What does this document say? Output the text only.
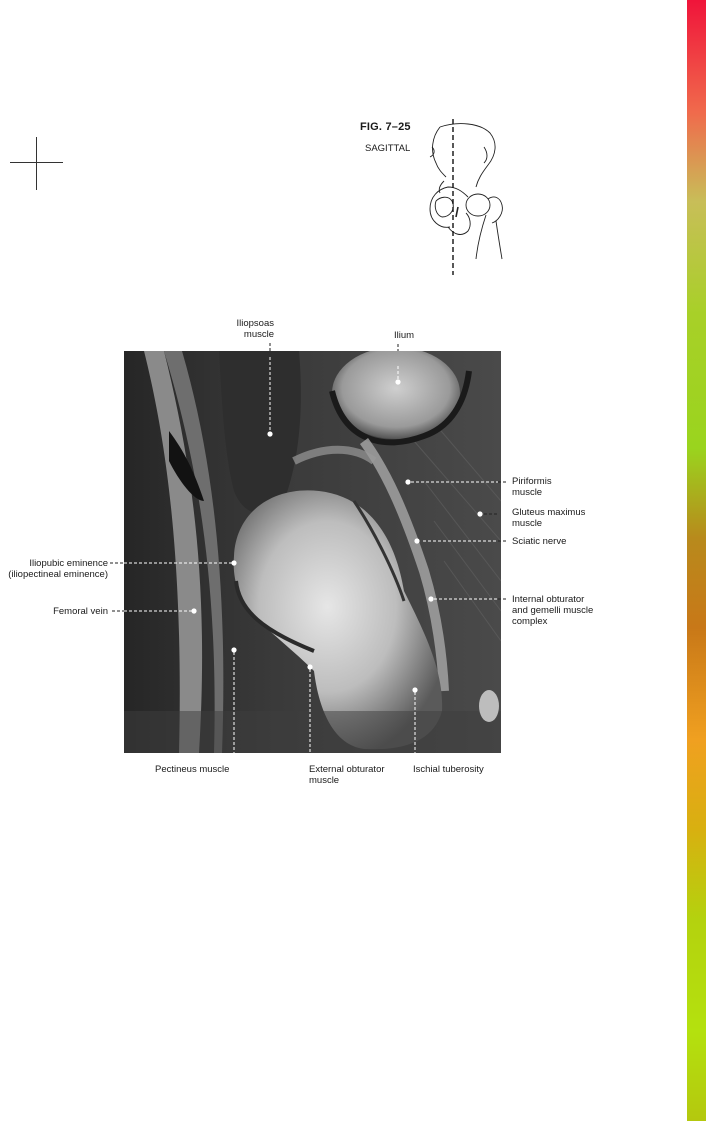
FIG. 7–25
SAGITTAL
Iliopsoas
muscle	Ilium
Piriformis
muscle
Gluteus maximus
muscle
Sciatic nerve
Internal obturator
and gemelli muscle
complex
Iliopubic eminence
(iliopectineal eminence)
Femoral vein
Pectineus muscle	External obturator
muscle
Ischial tuberosity
